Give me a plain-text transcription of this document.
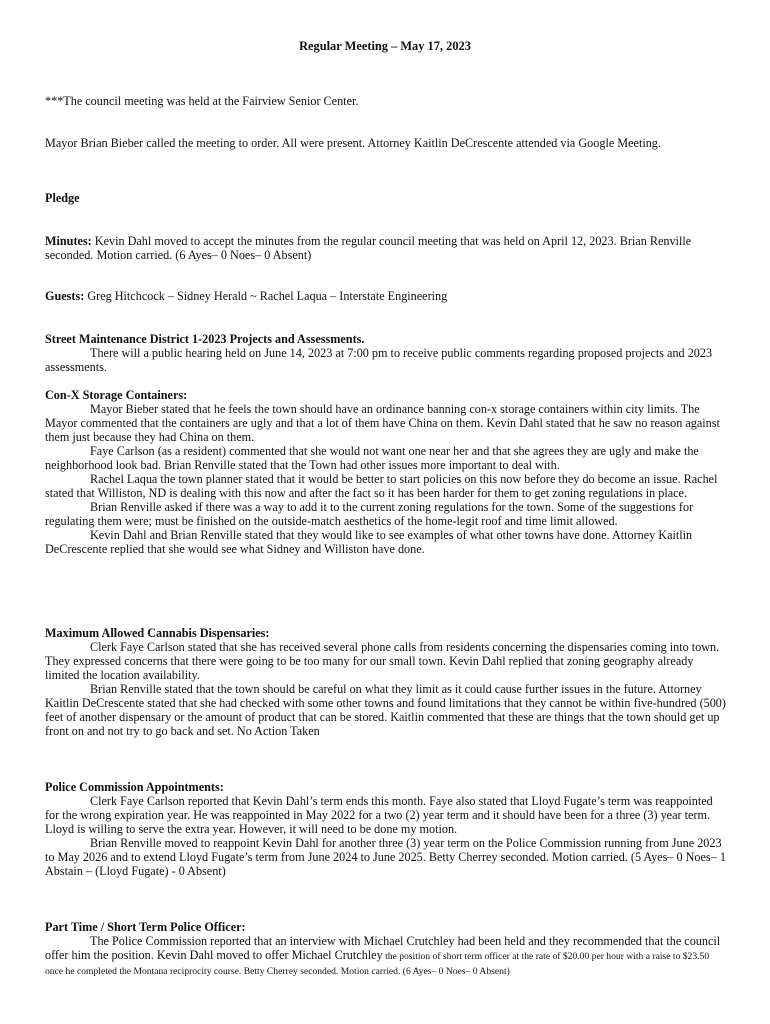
Regular Meeting – May 17, 2023

***The council meeting was held at the Fairview Senior Center.

Mayor Brian Bieber called the meeting to order. All were present. Attorney Kaitlin DeCrescente attended via Google Meeting.

Pledge

Minutes: Kevin Dahl moved to accept the minutes from the regular council meeting that was held on April 12, 2023. Brian Renville seconded. Motion carried. (6 Ayes– 0 Noes– 0 Absent)

Guests: Greg Hitchcock – Sidney Herald ~ Rachel Laqua – Interstate Engineering

Street Maintenance District 1-2023 Projects and Assessments.

There will a public hearing held on June 14, 2023 at 7:00 pm to receive public comments regarding proposed projects and 2023 assessments.

Con-X Storage Containers:

Mayor Bieber stated that he feels the town should have an ordinance banning con-x storage containers within city limits. The Mayor commented that the containers are ugly and that a lot of them have China on them. Kevin Dahl stated that he saw no reason against them just because they had China on them.

Faye Carlson (as a resident) commented that she would not want one near her and that she agrees they are ugly and make the neighborhood look bad. Brian Renville stated that the Town had other issues more important to deal with.

Rachel Laqua the town planner stated that it would be better to start policies on this now before they do become an issue. Rachel stated that Williston, ND is dealing with this now and after the fact so it has been harder for them to get zoning regulations in place.

Brian Renville asked if there was a way to add it to the current zoning regulations for the town. Some of the suggestions for regulating them were; must be finished on the outside-match aesthetics of the home-legit roof and time limit allowed.

Kevin Dahl and Brian Renville stated that they would like to see examples of what other towns have done. Attorney Kaitlin DeCrescente replied that she would see what Sidney and Williston have done.

Maximum Allowed Cannabis Dispensaries:

Clerk Faye Carlson stated that she has received several phone calls from residents concerning the dispensaries coming into town. They expressed concerns that there were going to be too many for our small town. Kevin Dahl replied that zoning geography already limited the location availability.

Brian Renville stated that the town should be careful on what they limit as it could cause further issues in the future. Attorney Kaitlin DeCrescente stated that she had checked with some other towns and found limitations that they cannot be within five-hundred (500) feet of another dispensary or the amount of product that can be stored. Kaitlin commented that these are things that the town should get up front on and not try to go back and set. No Action Taken

Police Commission Appointments:

Clerk Faye Carlson reported that Kevin Dahl’s term ends this month. Faye also stated that Lloyd Fugate’s term was reappointed for the wrong expiration year. He was reappointed in May 2022 for a two (2) year term and it should have been for a three (3) year term. Lloyd is willing to serve the extra year. However, it will need to be done my motion.

Brian Renville moved to reappoint Kevin Dahl for another three (3) year term on the Police Commission running from June 2023 to May 2026 and to extend Lloyd Fugate’s term from June 2024 to June 2025. Betty Cherrey seconded. Motion carried. (5 Ayes– 0 Noes– 1 Abstain – (Lloyd Fugate) - 0 Absent)

Part Time / Short Term Police Officer:

The Police Commission reported that an interview with Michael Crutchley had been held and they recommended that the council offer him the position. Kevin Dahl moved to offer Michael Crutchley the position of short term officer at the rate of $20.00 per hour with a raise to $23.50 once he completed the Montana reciprocity course. Betty Cherrey seconded. Motion carried. (6 Ayes– 0 Noes– 0 Absent)
